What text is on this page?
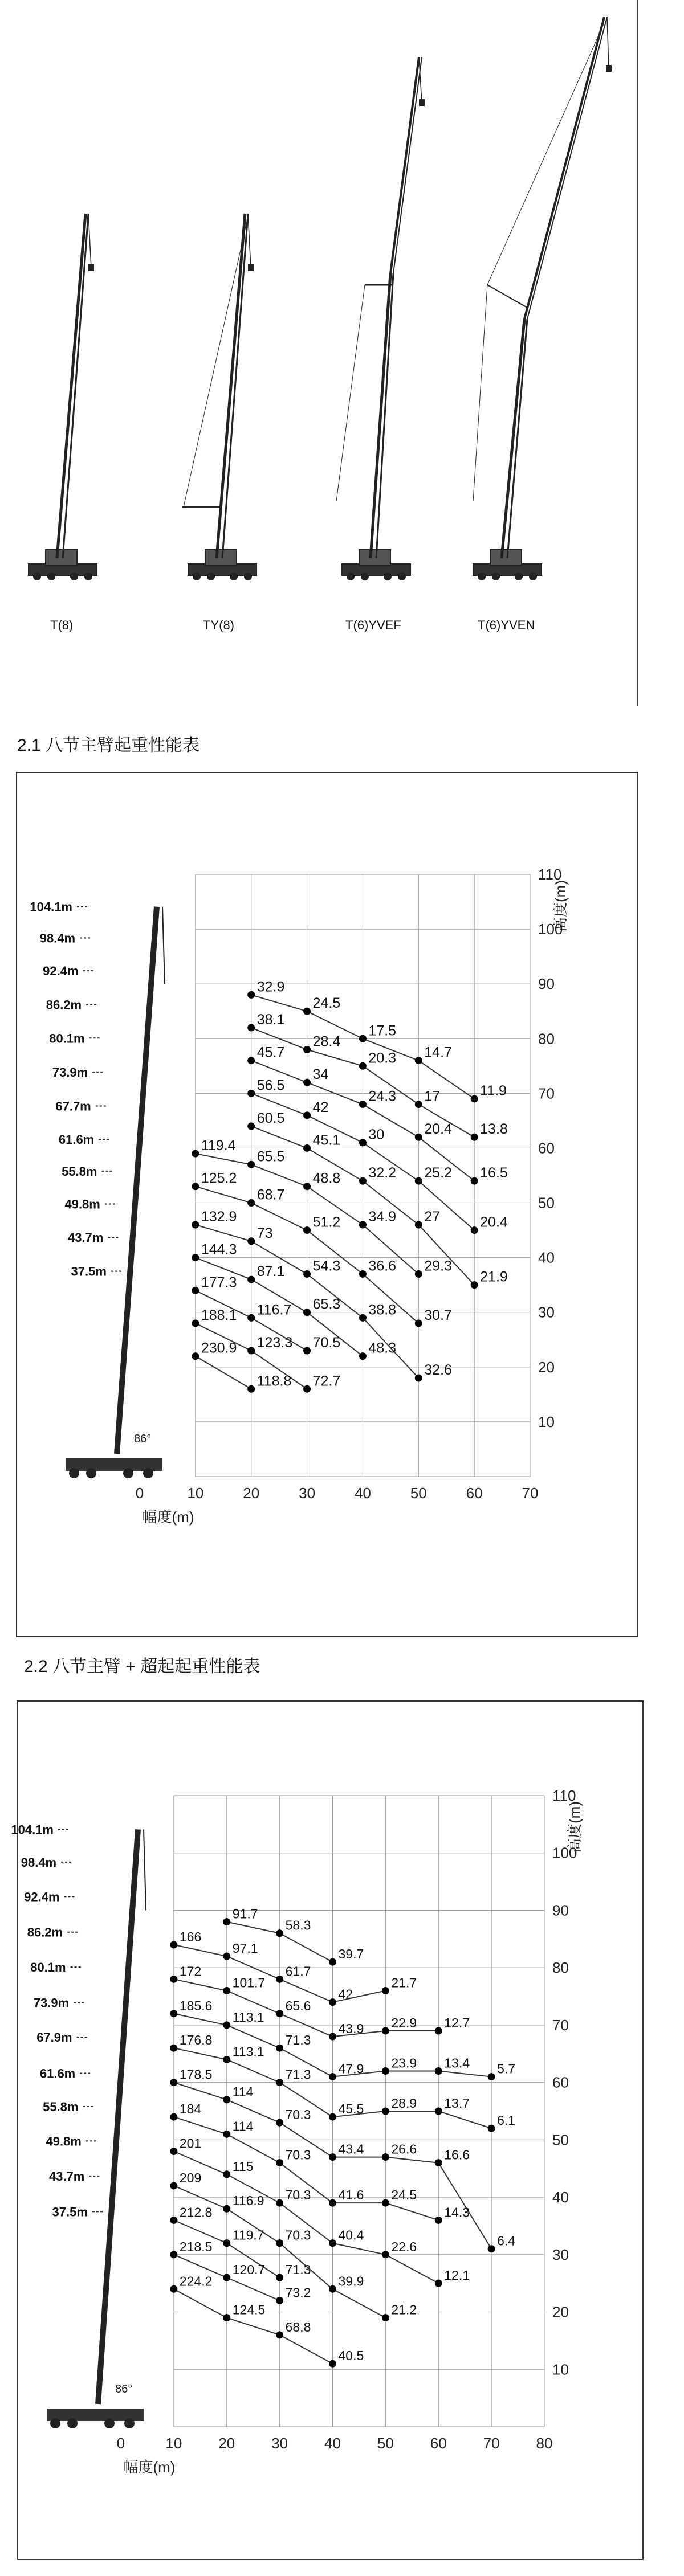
T(8)	TY(8)	T(6)YVEF	T(6)YVEN
2.1 八节主臂起重性能表
0	10	20	30	40	50	60	70
10
20
30
40
50
60
70
80
90
100
110
幅度(m)
高度(m)
86°
104.1m
98.4m
92.4m
86.2m
80.1m
73.9m
67.7m
61.6m
55.8m
49.8m
43.7m
37.5m
32.9
24.5
17.5
14.7
11.9
38.1
28.4
20.3
17
13.8
45.7
34
24.3
20.4
16.5
56.5
42
30
25.2
20.4
60.5
45.1
32.2
27
21.9
119.4
65.5
48.8
34.9
29.3
125.2
68.7
51.2
36.6
30.7
132.9
73
54.3
38.8
32.6
144.3
87.1
65.3
48.3
177.3
116.7
70.5
188.1
123.3
72.7
230.9
118.8
2.2 八节主臂 + 超起起重性能表
0	10 20 30 40 50 60 70 80
10
20
30
40
50
60
70
80
90
100
110
幅度(m)
高度(m)
86°
104.1m
98.4m
92.4m
86.2m
80.1m
73.9m
67.9m
61.6m
55.8m
49.8m
43.7m
37.5m
91.7
58.3
39.7
166
97.1
61.7
42
21.7
172
101.7
65.6
43.9 22.9 12.7
185.6
113.1
71.3
47.9 23.9 13.4 5.7
176.8
113.1
71.3
45.5 28.9 13.7
6.1
178.5
114
70.3
43.4 26.6 16.6
6.4
184
114
70.3
41.6 24.5
14.3
201
115
70.3
40.4
22.6
12.1
209
116.9
70.3
39.9
21.2
212.8
119.7
71.3
218.5
120.7
73.2
224.2
124.5
68.8
40.5
